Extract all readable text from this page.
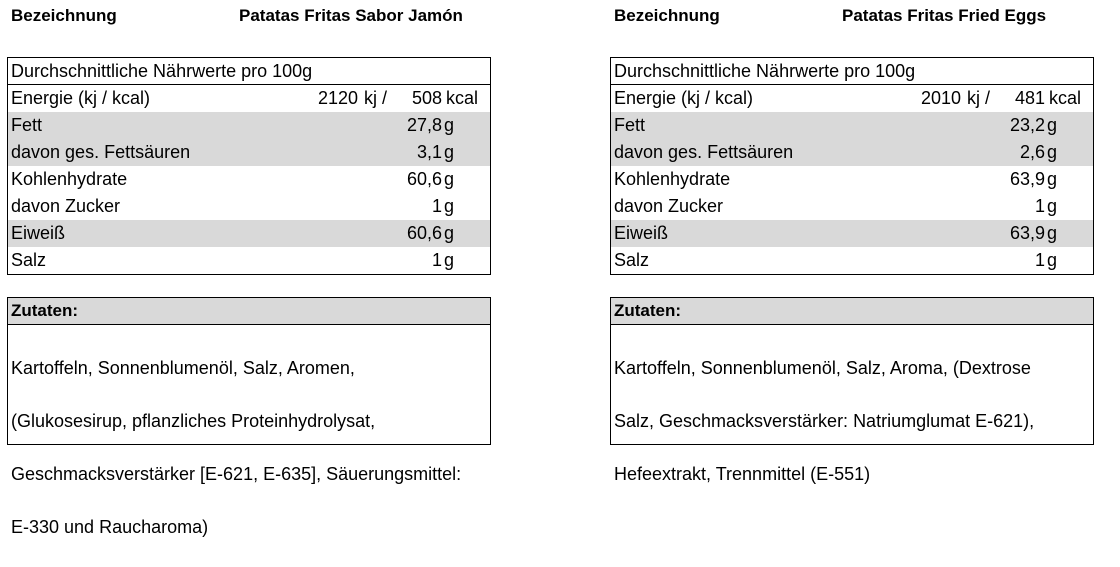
Bezeichnung	Patatas Fritas Sabor Jamón
Durchschnittliche Nährwerte pro 100g
Energie (kj / kcal)	2120 kj / 508 kcal
Fett	27,8 g
davon ges. Fettsäuren	3,1 g
Kohlenhydrate	60,6 g
davon Zucker	1 g
Eiweiß	60,6 g
Salz	1 g
Zutaten:

Kartoffeln, Sonnenblumenöl, Salz, Aromen,

(Glukosesirup, pflanzliches Proteinhydrolysat,

Geschmacksverstärker [E-621, E-635], Säuerungsmittel:

E-330 und Raucharoma)

Bezeichnung	Patatas Fritas Fried Eggs
Durchschnittliche Nährwerte pro 100g
Energie (kj / kcal)	2010 kj / 481 kcal
Fett	23,2 g
davon ges. Fettsäuren	2,6 g
Kohlenhydrate	63,9 g
davon Zucker	1 g
Eiweiß	63,9 g
Salz	1 g
Zutaten:

Kartoffeln, Sonnenblumenöl, Salz, Aroma, (Dextrose

Salz, Geschmacksverstärker: Natriumglumat E-621),

Hefeextrakt, Trennmittel (E-551)
